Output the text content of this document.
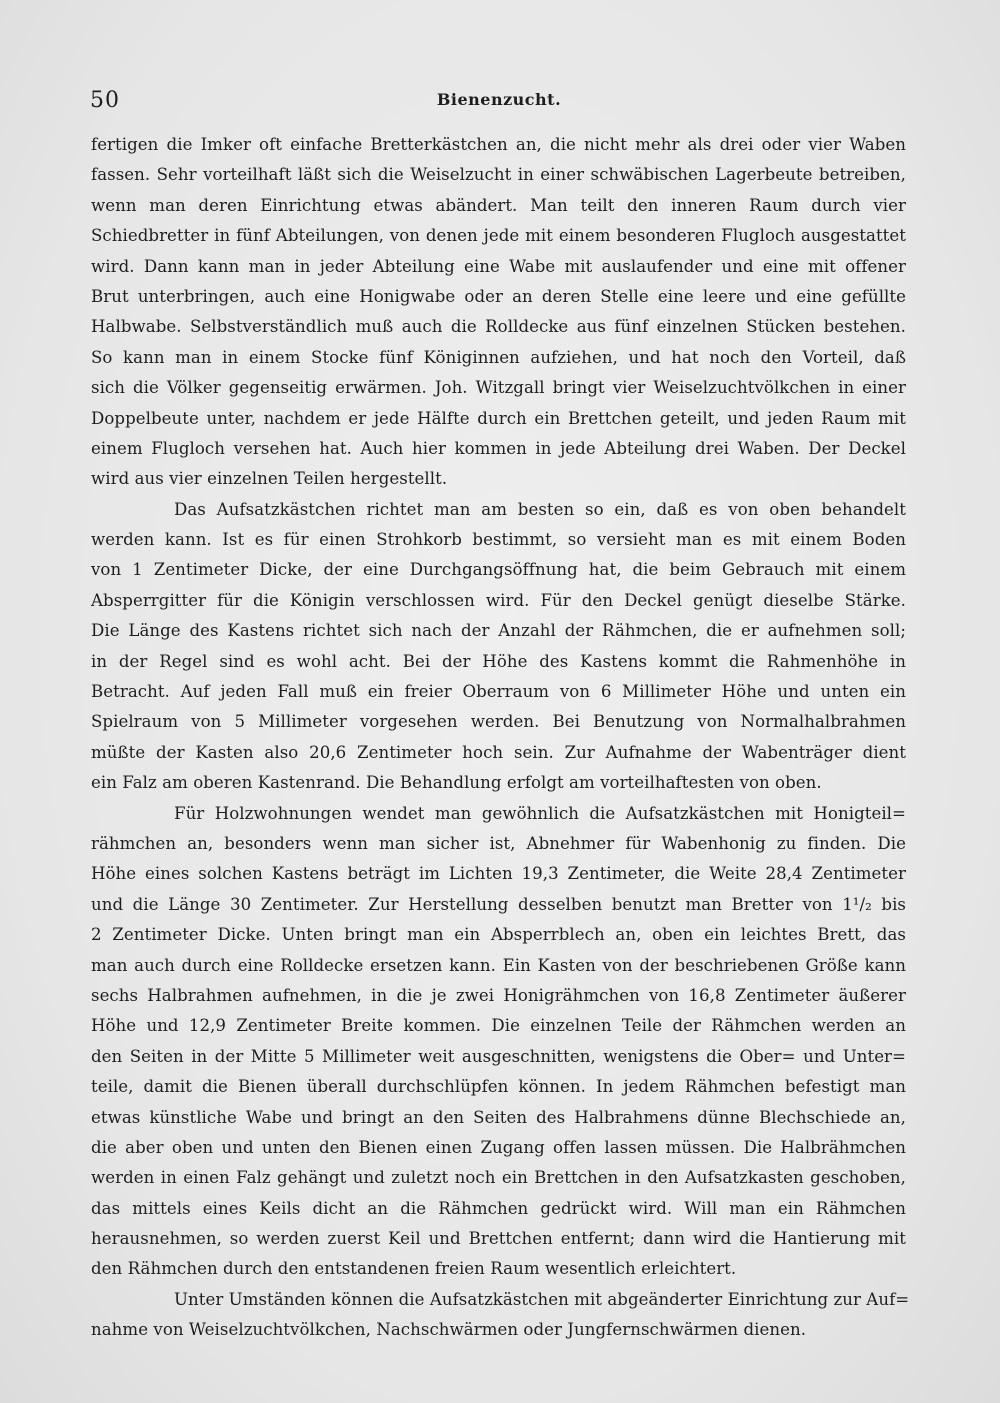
50	Bienenzucht.
fertigen die Imker oft einfache Bretterkästchen an, die nicht mehr als drei oder vier Waben
fassen. Sehr vorteilhaft läßt sich die Weiselzucht in einer schwäbischen Lagerbeute betreiben,
wenn man deren Einrichtung etwas abändert. Man teilt den inneren Raum durch vier
Schiedbretter in fünf Abteilungen, von denen jede mit einem besonderen Flugloch ausgestattet
wird. Dann kann man in jeder Abteilung eine Wabe mit auslaufender und eine mit offener
Brut unterbringen, auch eine Honigwabe oder an deren Stelle eine leere und eine gefüllte
Halbwabe. Selbstverständlich muß auch die Rolldecke aus fünf einzelnen Stücken bestehen.
So kann man in einem Stocke fünf Königinnen aufziehen, und hat noch den Vorteil, daß
sich die Völker gegenseitig erwärmen. Joh. Witzgall bringt vier Weiselzuchtvölkchen in einer
Doppelbeute unter, nachdem er jede Hälfte durch ein Brettchen geteilt, und jeden Raum mit
einem Flugloch versehen hat. Auch hier kommen in jede Abteilung drei Waben. Der Deckel
wird aus vier einzelnen Teilen hergestellt.
Das Aufsatzkästchen richtet man am besten so ein, daß es von oben behandelt
werden kann. Ist es für einen Strohkorb bestimmt, so versieht man es mit einem Boden
von 1 Zentimeter Dicke, der eine Durchgangsöffnung hat, die beim Gebrauch mit einem
Absperrgitter für die Königin verschlossen wird. Für den Deckel genügt dieselbe Stärke.
Die Länge des Kastens richtet sich nach der Anzahl der Rähmchen, die er aufnehmen soll;
in der Regel sind es wohl acht. Bei der Höhe des Kastens kommt die Rahmenhöhe in
Betracht. Auf jeden Fall muß ein freier Oberraum von 6 Millimeter Höhe und unten ein
Spielraum von 5 Millimeter vorgesehen werden. Bei Benutzung von Normalhalbrahmen
müßte der Kasten also 20,6 Zentimeter hoch sein. Zur Aufnahme der Wabenträger dient
ein Falz am oberen Kastenrand. Die Behandlung erfolgt am vorteilhaftesten von oben.
Für Holzwohnungen wendet man gewöhnlich die Aufsatzkästchen mit Honigteil=
rähmchen an, besonders wenn man sicher ist, Abnehmer für Wabenhonig zu finden. Die
Höhe eines solchen Kastens beträgt im Lichten 19,3 Zentimeter, die Weite 28,4 Zentimeter
und die Länge 30 Zentimeter. Zur Herstellung desselben benutzt man Bretter von 1¹/₂ bis
2 Zentimeter Dicke. Unten bringt man ein Absperrblech an, oben ein leichtes Brett, das
man auch durch eine Rolldecke ersetzen kann. Ein Kasten von der beschriebenen Größe kann
sechs Halbrahmen aufnehmen, in die je zwei Honigrähmchen von 16,8 Zentimeter äußerer
Höhe und 12,9 Zentimeter Breite kommen. Die einzelnen Teile der Rähmchen werden an
den Seiten in der Mitte 5 Millimeter weit ausgeschnitten, wenigstens die Ober= und Unter=
teile, damit die Bienen überall durchschlüpfen können. In jedem Rähmchen befestigt man
etwas künstliche Wabe und bringt an den Seiten des Halbrahmens dünne Blechschiede an,
die aber oben und unten den Bienen einen Zugang offen lassen müssen. Die Halbrähmchen
werden in einen Falz gehängt und zuletzt noch ein Brettchen in den Aufsatzkasten geschoben,
das mittels eines Keils dicht an die Rähmchen gedrückt wird. Will man ein Rähmchen
herausnehmen, so werden zuerst Keil und Brettchen entfernt; dann wird die Hantierung mit
den Rähmchen durch den entstandenen freien Raum wesentlich erleichtert.
Unter Umständen können die Aufsatzkästchen mit abgeänderter Einrichtung zur Auf=
nahme von Weiselzuchtvölkchen, Nachschwärmen oder Jungfernschwärmen dienen.
